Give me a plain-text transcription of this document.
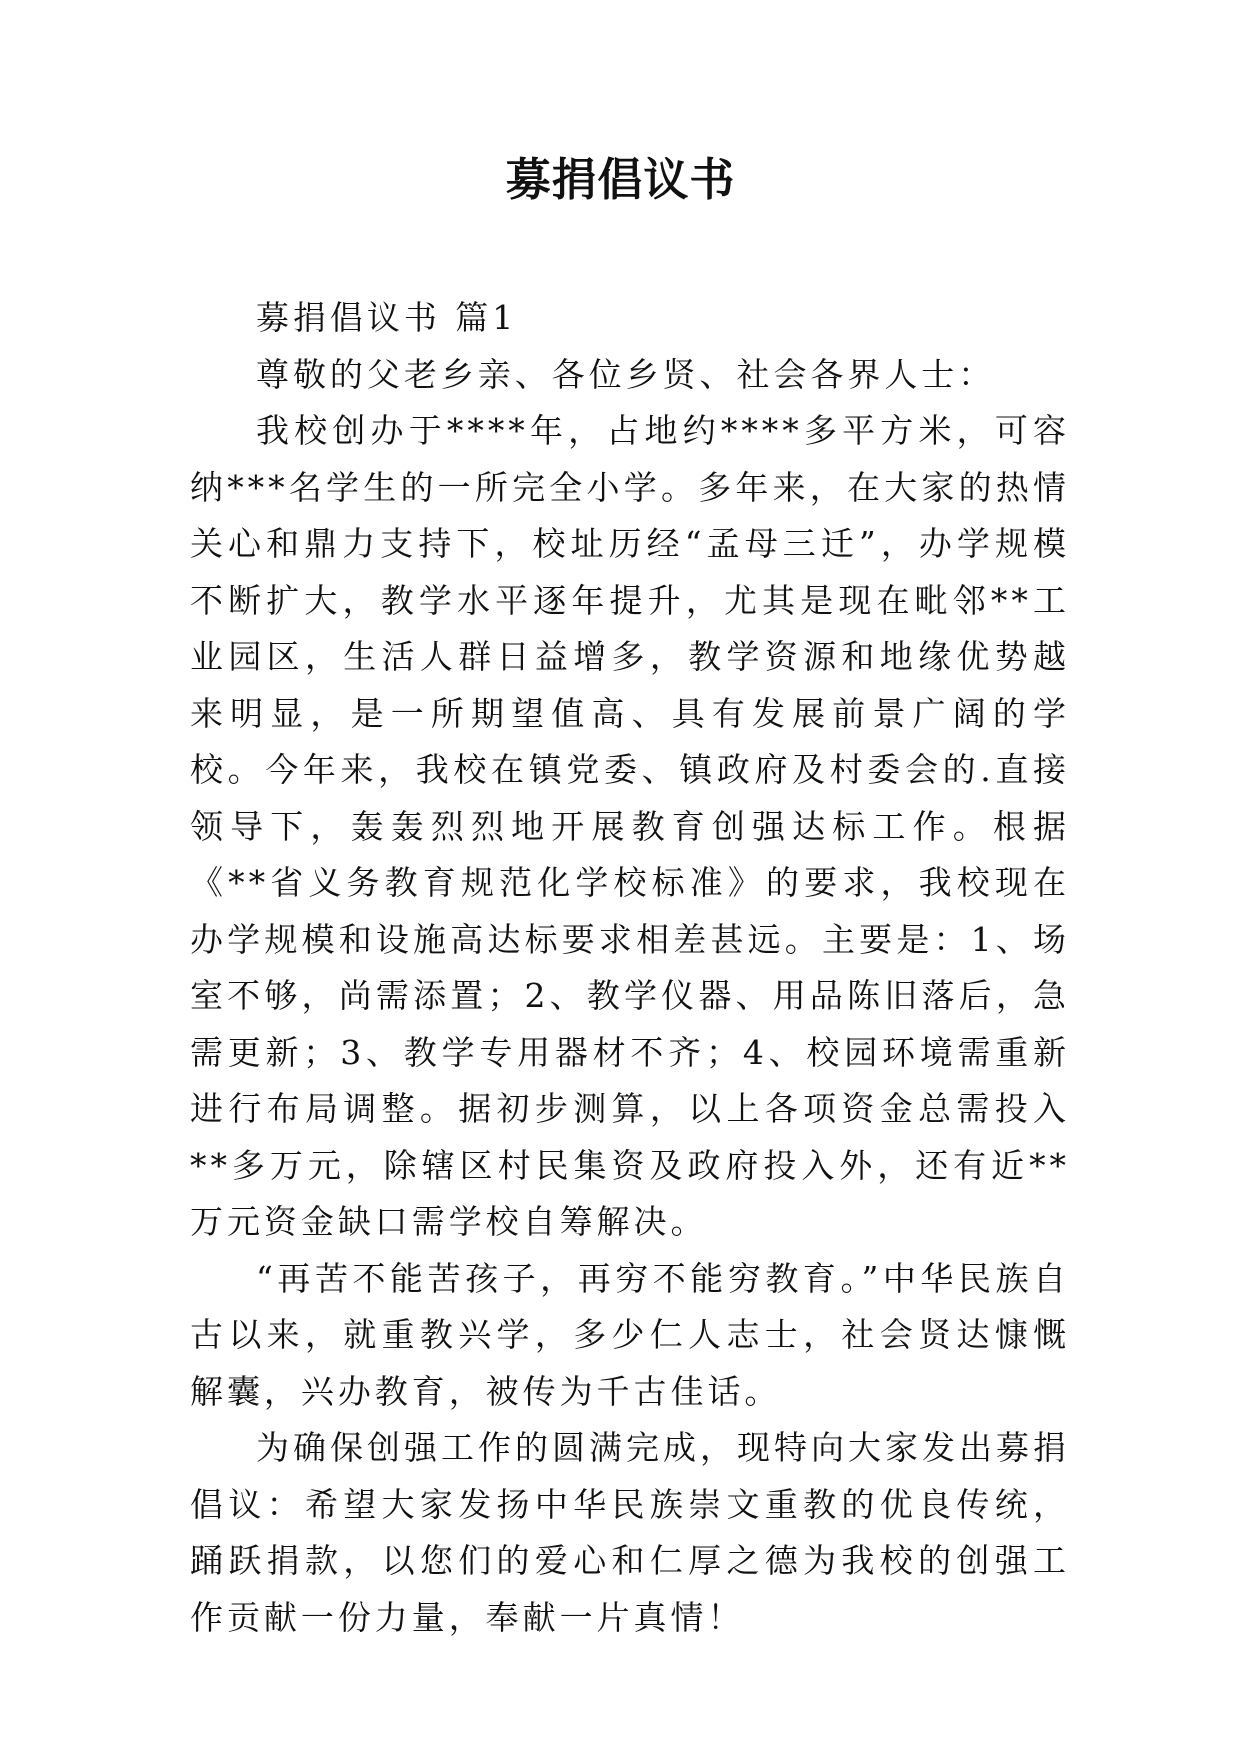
募捐倡议书

募捐倡议书 篇1

尊敬的父老乡亲、各位乡贤、社会各界人士：

我校创办于****年，占地约****多平方米，可容纳***名学生的一所完全小学。多年来，在大家的热情关心和鼎力支持下，校址历经“孟母三迁”，办学规模不断扩大，教学水平逐年提升，尤其是现在毗邻**工业园区，生活人群日益增多，教学资源和地缘优势越来明显，是一所期望值高、具有发展前景广阔的学校。今年来，我校在镇党委、镇政府及村委会的.直接领导下，轰轰烈烈地开展教育创强达标工作。根据《**省义务教育规范化学校标准》的要求，我校现在办学规模和设施高达标要求相差甚远。主要是：1、场室不够，尚需添置；2、教学仪器、用品陈旧落后，急需更新；3、教学专用器材不齐；4、校园环境需重新进行布局调整。据初步测算，以上各项资金总需投入**多万元，除辖区村民集资及政府投入外，还有近**万元资金缺口需学校自筹解决。

“再苦不能苦孩子，再穷不能穷教育。”中华民族自古以来，就重教兴学，多少仁人志士，社会贤达慷慨解囊，兴办教育，被传为千古佳话。

为确保创强工作的圆满完成，现特向大家发出募捐倡议：希望大家发扬中华民族崇文重教的优良传统，踊跃捐款，以您们的爱心和仁厚之德为我校的创强工作贡献一份力量，奉献一片真情！
